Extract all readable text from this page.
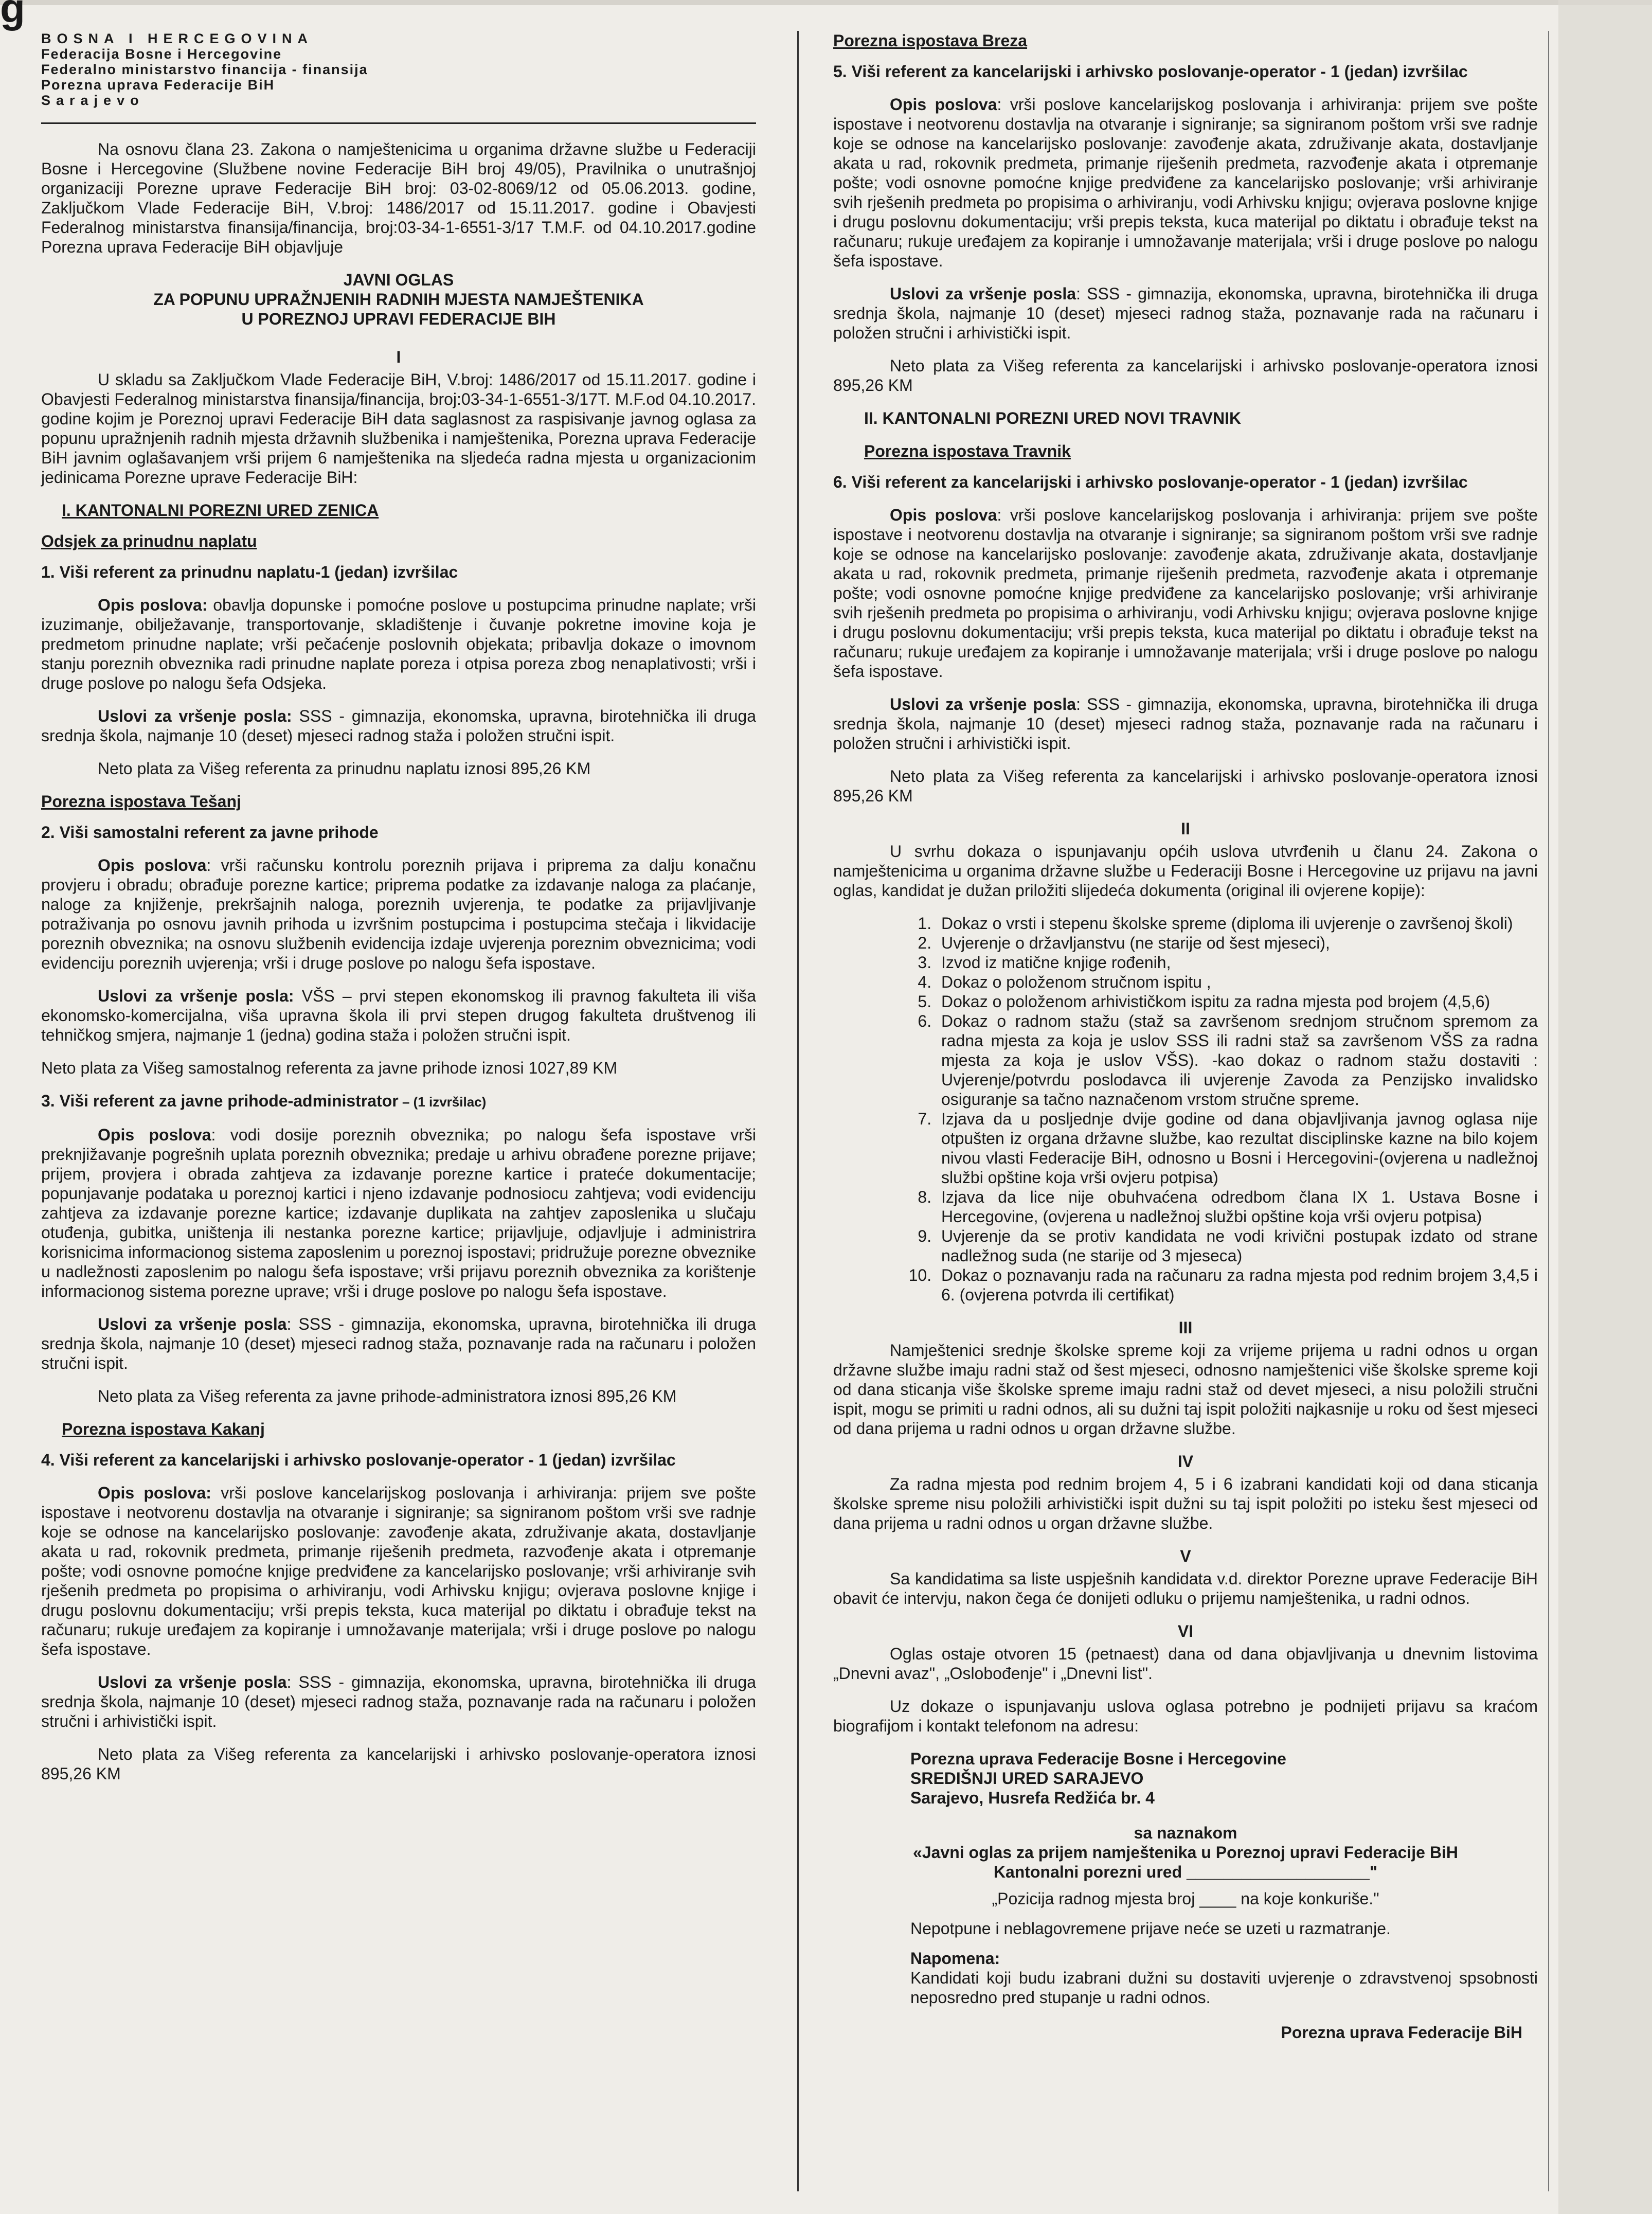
g
BOSNA I HERCEGOVINA
Federacija Bosne i Hercegovine
Federalno ministarstvo financija - finansija
Porezna uprava Federacije BiH
Sarajevo

Na osnovu člana 23. Zakona o namještenicima u organima državne službe u Federaciji Bosne i Hercegovine (Službene novine Federacije BiH broj 49/05), Pravilnika o unutrašnjoj organizaciji Porezne uprave Federacije BiH broj: 03-02-8069/12 od 05.06.2013. godine, Zaključkom Vlade Federacije BiH, V.broj: 1486/2017 od 15.11.2017. godine i Obavjesti Federalnog ministarstva finansija/financija, broj:03-34-1-6551-3/17 T.M.F. od 04.10.2017.godine Porezna uprava Federacije BiH objavljuje

JAVNI OGLAS
ZA POPUNU UPRAŽNJENIH RADNIH MJESTA NAMJEŠTENIKA
U POREZNOJ UPRAVI FEDERACIJE BIH
I

U skladu sa Zaključkom Vlade Federacije BiH, V.broj: 1486/2017 od 15.11.2017. godine i Obavjesti Federalnog ministarstva finansija/financija, broj:03-34-1-6551-3/17T. M.F.od 04.10.2017. godine kojim je Poreznoj upravi Federacije BiH data saglasnost za raspisivanje javnog oglasa za popunu upražnjenih radnih mjesta državnih službenika i namještenika, Porezna uprava Federacije BiH javnim oglašavanjem vrši prijem 6 namještenika na sljedeća radna mjesta u organizacionim jedinicama Porezne uprave Federacije BiH:

I. KANTONALNI POREZNI URED ZENICA
Odsjek za prinudnu naplatu
1. Viši referent za prinudnu naplatu-1 (jedan) izvršilac

Opis poslova: obavlja dopunske i pomoćne poslove u postupcima prinudne naplate; vrši izuzimanje, obilježavanje, transportovanje, skladištenje i čuvanje pokretne imovine koja je predmetom prinudne naplate; vrši pečaćenje poslovnih objekata; pribavlja dokaze o imovnom stanju poreznih obveznika radi prinudne naplate poreza i otpisa poreza zbog nenaplativosti; vrši i druge poslove po nalogu šefa Odsjeka.

Uslovi za vršenje posla: SSS - gimnazija, ekonomska, upravna, birotehnička ili druga srednja škola, najmanje 10 (deset) mjeseci radnog staža i položen stručni ispit.

Neto plata za Višeg referenta za prinudnu naplatu iznosi 895,26 KM

Porezna ispostava Tešanj
2. Viši samostalni referent za javne prihode

Opis poslova: vrši računsku kontrolu poreznih prijava i priprema za dalju konačnu provjeru i obradu; obrađuje porezne kartice; priprema podatke za izdavanje naloga za plaćanje, naloge za knjiženje, prekršajnih naloga, poreznih uvjerenja, te podatke za prijavljivanje potraživanja po osnovu javnih prihoda u izvršnim postupcima i postupcima stečaja i likvidacije poreznih obveznika; na osnovu službenih evidencija izdaje uvjerenja poreznim obveznicima; vodi evidenciju poreznih uvjerenja; vrši i druge poslove po nalogu šefa ispostave.

Uslovi za vršenje posla: VŠS – prvi stepen ekonomskog ili pravnog fakulteta ili viša ekonomsko-komercijalna, viša upravna škola ili prvi stepen drugog fakulteta društvenog ili tehničkog smjera, najmanje 1 (jedna) godina staža i položen stručni ispit.

Neto plata za Višeg samostalnog referenta za javne prihode iznosi 1027,89 KM

3. Viši referent za javne prihode-administrator – (1 izvršilac)

Opis poslova: vodi dosije poreznih obveznika; po nalogu šefa ispostave vrši preknjižavanje pogrešnih uplata poreznih obveznika; predaje u arhivu obrađene porezne prijave; prijem, provjera i obrada zahtjeva za izdavanje porezne kartice i prateće dokumentacije; popunjavanje podataka u poreznoj kartici i njeno izdavanje podnosiocu zahtjeva; vodi evidenciju zahtjeva za izdavanje porezne kartice; izdavanje duplikata na zahtjev zaposlenika u slučaju otuđenja, gubitka, uništenja ili nestanka porezne kartice; prijavljuje, odjavljuje i administrira korisnicima informacionog sistema zaposlenim u poreznoj ispostavi; pridružuje porezne obveznike u nadležnosti zaposlenim po nalogu šefa ispostave; vrši prijavu poreznih obveznika za korištenje informacionog sistema porezne uprave; vrši i druge poslove po nalogu šefa ispostave.

Uslovi za vršenje posla: SSS - gimnazija, ekonomska, upravna, birotehnička ili druga srednja škola, najmanje 10 (deset) mjeseci radnog staža, poznavanje rada na računaru i položen stručni ispit.

Neto plata za Višeg referenta za javne prihode-administratora iznosi 895,26 KM

Porezna ispostava Kakanj
4. Viši referent za kancelarijski i arhivsko poslovanje-operator - 1 (jedan) izvršilac

Opis poslova: vrši poslove kancelarijskog poslovanja i arhiviranja: prijem sve pošte ispostave i neotvorenu dostavlja na otvaranje i signiranje; sa signiranom poštom vrši sve radnje koje se odnose na kancelarijsko poslovanje: zavođenje akata, združivanje akata, dostavljanje akata u rad, rokovnik predmeta, primanje riješenih predmeta, razvođenje akata i otpremanje pošte; vodi osnovne pomoćne knjige predviđene za kancelarijsko poslovanje; vrši arhiviranje svih rješenih predmeta po propisima o arhiviranju, vodi Arhivsku knjigu; ovjerava poslovne knjige i drugu poslovnu dokumentaciju; vrši prepis teksta, kuca materijal po diktatu i obrađuje tekst na računaru; rukuje uređajem za kopiranje i umnožavanje materijala; vrši i druge poslove po nalogu šefa ispostave.

Uslovi za vršenje posla: SSS - gimnazija, ekonomska, upravna, birotehnička ili druga srednja škola, najmanje 10 (deset) mjeseci radnog staža, poznavanje rada na računaru i položen stručni i arhivistički ispit.

Neto plata za Višeg referenta za kancelarijski i arhivsko poslovanje-operatora iznosi 895,26 KM

Porezna ispostava Breza
5. Viši referent za kancelarijski i arhivsko poslovanje-operator - 1 (jedan) izvršilac

Opis poslova: vrši poslove kancelarijskog poslovanja i arhiviranja: prijem sve pošte ispostave i neotvorenu dostavlja na otvaranje i signiranje; sa signiranom poštom vrši sve radnje koje se odnose na kancelarijsko poslovanje: zavođenje akata, združivanje akata, dostavljanje akata u rad, rokovnik predmeta, primanje riješenih predmeta, razvođenje akata i otpremanje pošte; vodi osnovne pomoćne knjige predviđene za kancelarijsko poslovanje; vrši arhiviranje svih rješenih predmeta po propisima o arhiviranju, vodi Arhivsku knjigu; ovjerava poslovne knjige i drugu poslovnu dokumentaciju; vrši prepis teksta, kuca materijal po diktatu i obrađuje tekst na računaru; rukuje uređajem za kopiranje i umnožavanje materijala; vrši i druge poslove po nalogu šefa ispostave.

Uslovi za vršenje posla: SSS - gimnazija, ekonomska, upravna, birotehnička ili druga srednja škola, najmanje 10 (deset) mjeseci radnog staža, poznavanje rada na računaru i položen stručni i arhivistički ispit.

Neto plata za Višeg referenta za kancelarijski i arhivsko poslovanje-operatora iznosi 895,26 KM

II. KANTONALNI POREZNI URED NOVI TRAVNIK
Porezna ispostava Travnik
6. Viši referent za kancelarijski i arhivsko poslovanje-operator - 1 (jedan) izvršilac

Opis poslova: vrši poslove kancelarijskog poslovanja i arhiviranja: prijem sve pošte ispostave i neotvorenu dostavlja na otvaranje i signiranje; sa signiranom poštom vrši sve radnje koje se odnose na kancelarijsko poslovanje: zavođenje akata, združivanje akata, dostavljanje akata u rad, rokovnik predmeta, primanje riješenih predmeta, razvođenje akata i otpremanje pošte; vodi osnovne pomoćne knjige predviđene za kancelarijsko poslovanje; vrši arhiviranje svih rješenih predmeta po propisima o arhiviranju, vodi Arhivsku knjigu; ovjerava poslovne knjige i drugu poslovnu dokumentaciju; vrši prepis teksta, kuca materijal po diktatu i obrađuje tekst na računaru; rukuje uređajem za kopiranje i umnožavanje materijala; vrši i druge poslove po nalogu šefa ispostave.

Uslovi za vršenje posla: SSS - gimnazija, ekonomska, upravna, birotehnička ili druga srednja škola, najmanje 10 (deset) mjeseci radnog staža, poznavanje rada na računaru i položen stručni i arhivistički ispit.

Neto plata za Višeg referenta za kancelarijski i arhivsko poslovanje-operatora iznosi 895,26 KM

II

U svrhu dokaza o ispunjavanju općih uslova utvrđenih u članu 24. Zakona o namještenicima u organima državne službe u Federaciji Bosne i Hercegovine uz prijavu na javni oglas, kandidat je dužan priložiti slijedeća dokumenta (original ili ovjerene kopije):

1. Dokaz o vrsti i stepenu školske spreme (diploma ili uvjerenje o završenoj školi)
2. Uvjerenje o državljanstvu (ne starije od šest mjeseci),
3. Izvod iz matične knjige rođenih,
4. Dokaz o položenom stručnom ispitu ,
5. Dokaz o položenom arhivističkom ispitu za radna mjesta pod brojem (4,5,6)
6. Dokaz o radnom stažu (staž sa završenom srednjom stručnom spremom za radna mjesta za koja je uslov SSS ili radni staž sa završenom VŠS za radna mjesta za koja je uslov VŠS). -kao dokaz o radnom stažu dostaviti : Uvjerenje/potvrdu poslodavca ili uvjerenje Zavoda za Penzijsko invalidsko osiguranje sa tačno naznačenom vrstom stručne spreme.
7. Izjava da u posljednje dvije godine od dana objavljivanja javnog oglasa nije otpušten iz organa državne službe, kao rezultat disciplinske kazne na bilo kojem nivou vlasti Federacije BiH, odnosno u Bosni i Hercegovini-(ovjerena u nadležnoj službi opštine koja vrši ovjeru potpisa)
8. Izjava da lice nije obuhvaćena odredbom člana IX 1. Ustava Bosne i Hercegovine, (ovjerena u nadležnoj službi opštine koja vrši ovjeru potpisa)
9. Uvjerenje da se protiv kandidata ne vodi krivični postupak izdato od strane nadležnog suda (ne starije od 3 mjeseca)
10. Dokaz o poznavanju rada na računaru za radna mjesta pod rednim brojem 3,4,5 i 6. (ovjerena potvrda ili certifikat)
III

Namještenici srednje školske spreme koji za vrijeme prijema u radni odnos u organ državne službe imaju radni staž od šest mjeseci, odnosno namještenici više školske spreme koji od dana sticanja više školske spreme imaju radni staž od devet mjeseci, a nisu položili stručni ispit, mogu se primiti u radni odnos, ali su dužni taj ispit položiti najkasnije u roku od šest mjeseci od dana prijema u radni odnos u organ državne službe.

IV

Za radna mjesta pod rednim brojem 4, 5 i 6 izabrani kandidati koji od dana sticanja školske spreme nisu položili arhivistički ispit dužni su taj ispit položiti po isteku šest mjeseci od dana prijema u radni odnos u organ državne službe.

V

Sa kandidatima sa liste uspješnih kandidata v.d. direktor Porezne uprave Federacije BiH obavit će intervju, nakon čega će donijeti odluku o prijemu namještenika, u radni odnos.

VI

Oglas ostaje otvoren 15 (petnaest) dana od dana objavljivanja u dnevnim listovima „Dnevni avaz", „Oslobođenje" i „Dnevni list".

Uz dokaze o ispunjavanju uslova oglasa potrebno je podnijeti prijavu sa kraćom biografijom i kontakt telefonom na adresu:

Porezna uprava Federacije Bosne i Hercegovine
SREDIŠNJI URED SARAJEVO
Sarajevo, Husrefa Redžića br. 4
sa naznakom
«Javni oglas za prijem namještenika u Poreznoj upravi Federacije BiH
Kantonalni porezni ured ____________________"
„Pozicija radnog mjesta broj ____ na koje konkuriše."

Nepotpune i neblagovremene prijave neće se uzeti u razmatranje.

Napomena:

Kandidati koji budu izabrani dužni su dostaviti uvjerenje o zdravstvenoj spsobnosti neposredno pred stupanje u radni odnos.

Porezna uprava Federacije BiH
